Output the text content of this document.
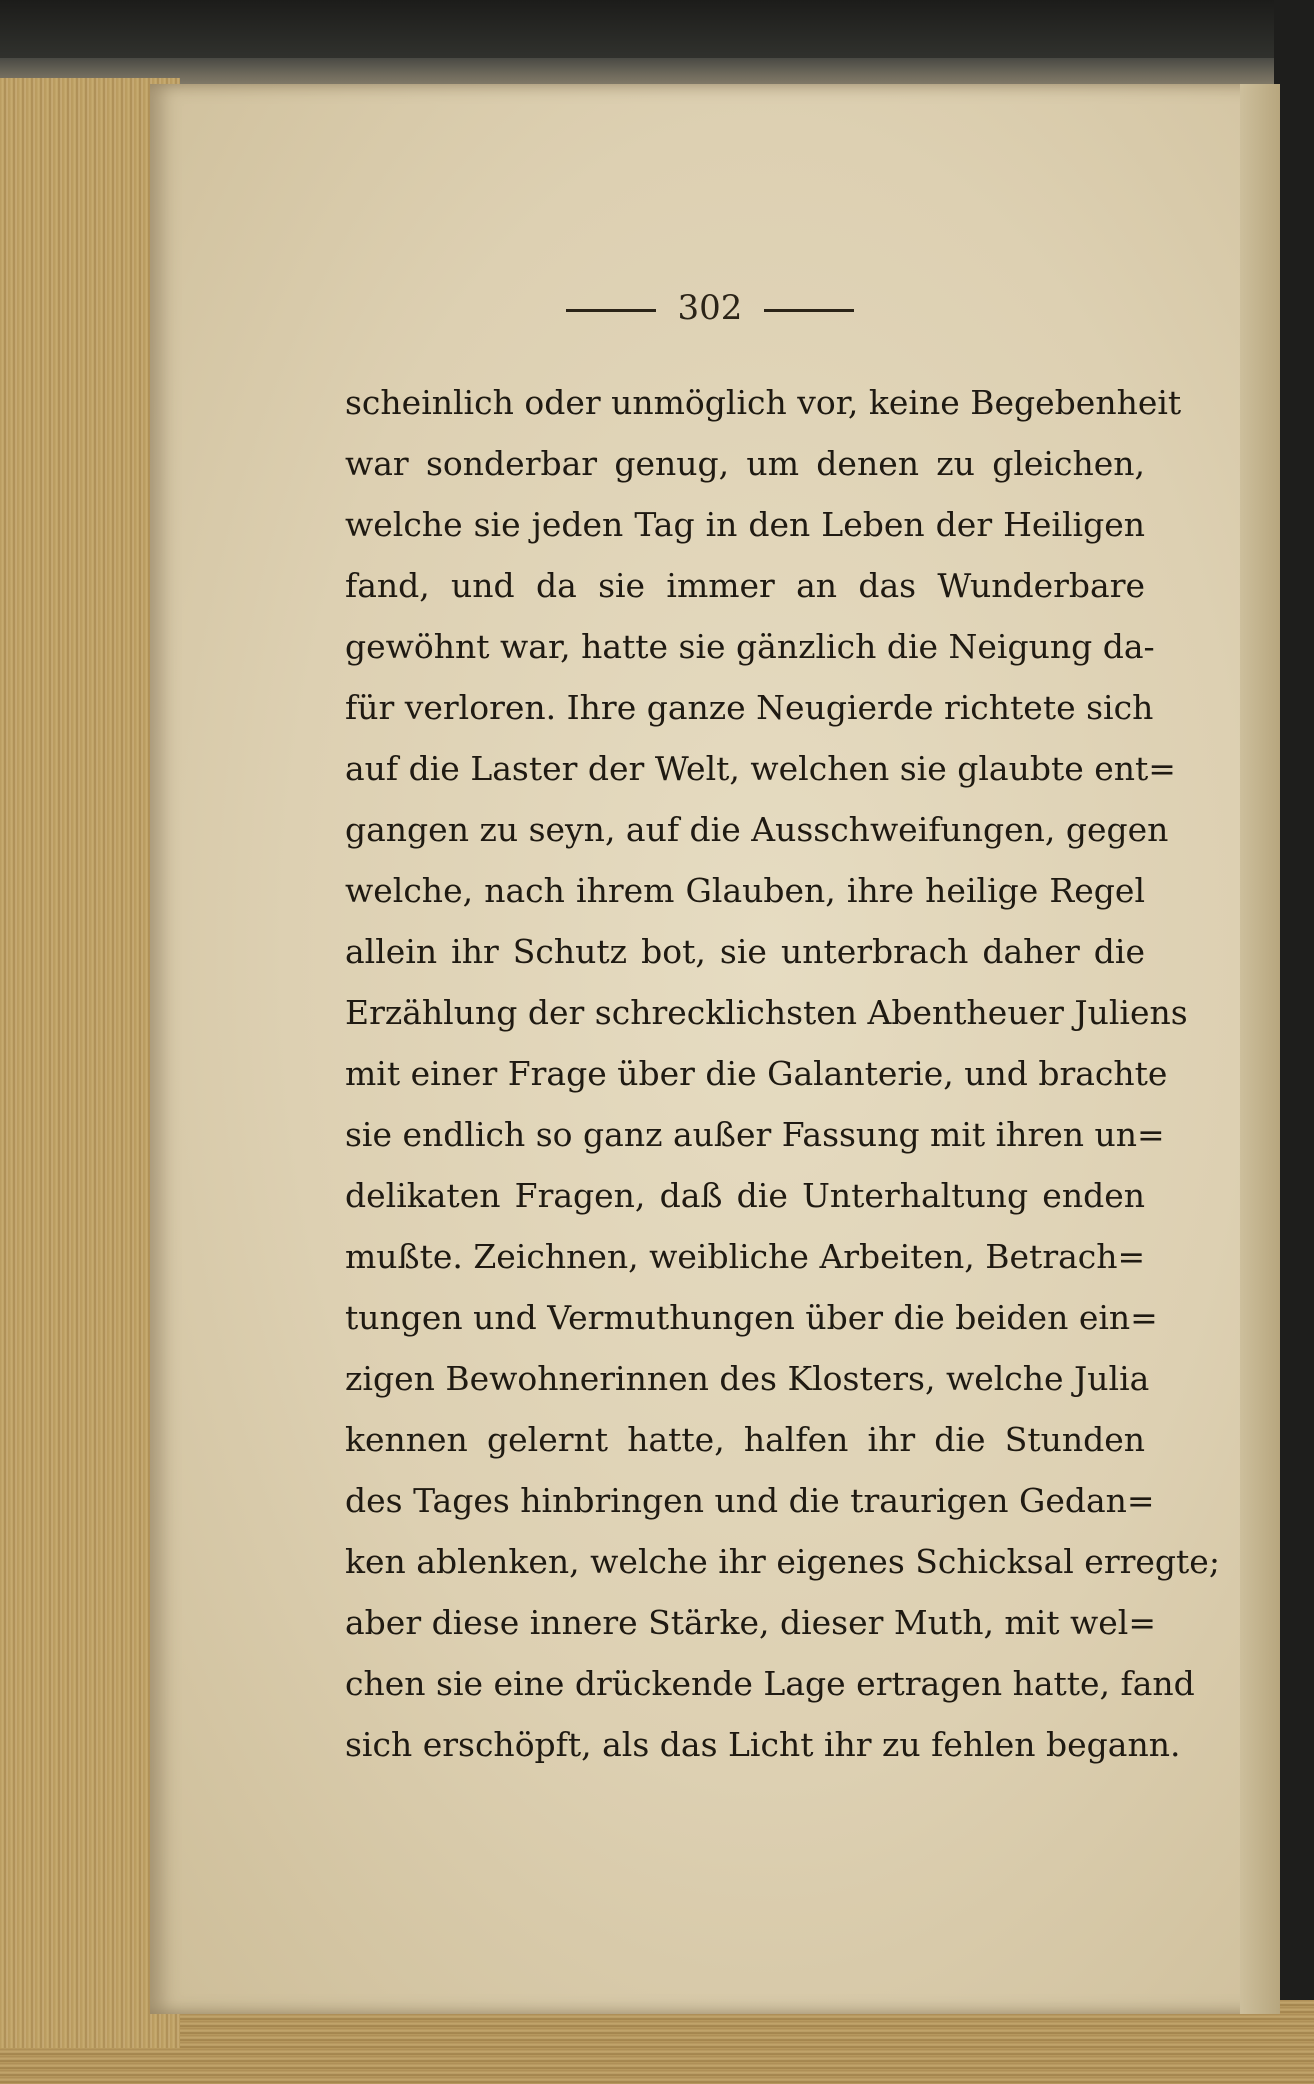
302
scheinlich oder unmöglich vor, keine Begebenheit
war sonderbar genug, um denen zu gleichen,
welche sie jeden Tag in den Leben der Heiligen
fand, und da sie immer an das Wunderbare
gewöhnt war, hatte sie gänzlich die Neigung da-
für verloren. Ihre ganze Neugierde richtete sich
auf die Laster der Welt, welchen sie glaubte ent=
gangen zu seyn, auf die Ausschweifungen, gegen
welche, nach ihrem Glauben, ihre heilige Regel
allein ihr Schutz bot, sie unterbrach daher die
Erzählung der schrecklichsten Abentheuer Juliens
mit einer Frage über die Galanterie, und brachte
sie endlich so ganz außer Fassung mit ihren un=
delikaten Fragen, daß die Unterhaltung enden
mußte. Zeichnen, weibliche Arbeiten, Betrach=
tungen und Vermuthungen über die beiden ein=
zigen Bewohnerinnen des Klosters, welche Julia
kennen gelernt hatte, halfen ihr die Stunden
des Tages hinbringen und die traurigen Gedan=
ken ablenken, welche ihr eigenes Schicksal erregte;
aber diese innere Stärke, dieser Muth, mit wel=
chen sie eine drückende Lage ertragen hatte, fand
sich erschöpft, als das Licht ihr zu fehlen begann.
